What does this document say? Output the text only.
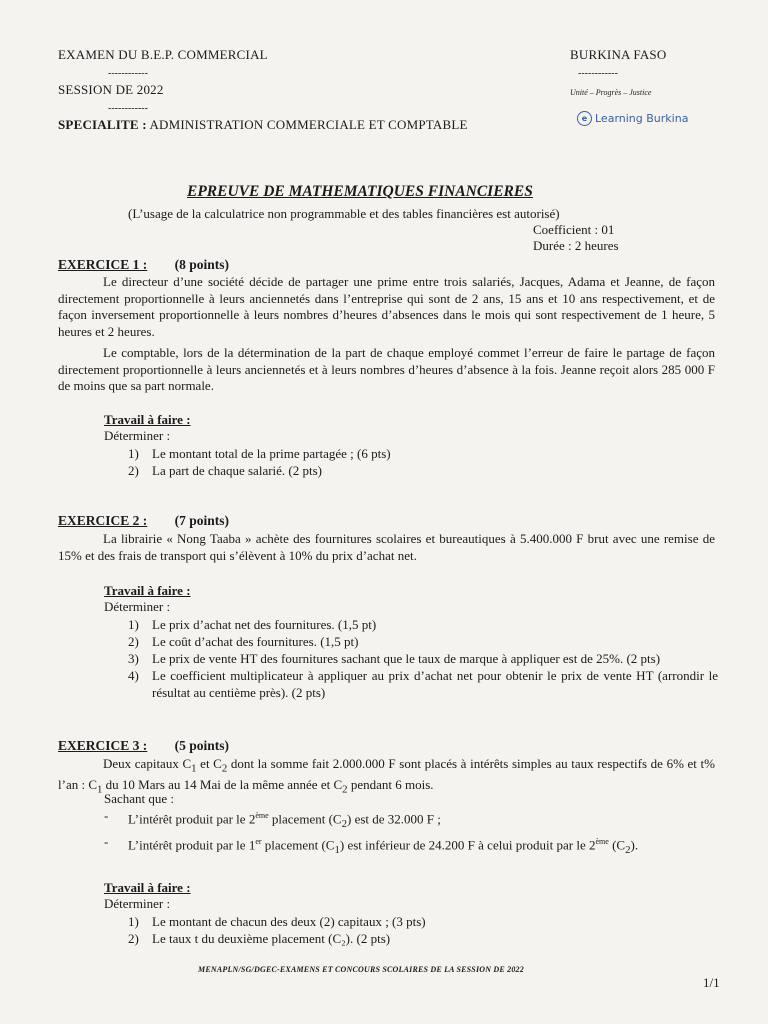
EXAMEN DU B.E.P. COMMERCIAL
------------
SESSION DE 2022
------------
SPECIALITE : ADMINISTRATION COMMERCIALE ET COMPTABLE
BURKINA FASO
------------
Unité – Progrès – Justice
e Learning Burkina
EPREUVE DE MATHEMATIQUES FINANCIERES
(L’usage de la calculatrice non programmable et des tables financières est autorisé)
Coefficient : 01
Durée : 2 heures
EXERCICE 1 : (8 points)
Le directeur d’une société décide de partager une prime entre trois salariés, Jacques, Adama et Jeanne, de façon directement proportionnelle à leurs anciennetés dans l’entreprise qui sont de 2 ans, 15 ans et 10 ans respectivement, et de façon inversement proportionnelle à leurs nombres d’heures d’absences dans le mois qui sont respectivement de 1 heure, 5 heures et 2 heures.
Le comptable, lors de la détermination de la part de chaque employé commet l’erreur de faire le partage de façon directement proportionnelle à leurs anciennetés et à leurs nombres d’heures d’absence à la fois. Jeanne reçoit alors 285 000 F de moins que sa part normale.
Travail à faire :
Déterminer :
1)	Le montant total de la prime partagée ; (6 pts)
2)	La part de chaque salarié. (2 pts)
EXERCICE 2 : (7 points)
La librairie « Nong Taaba » achète des fournitures scolaires et bureautiques à 5.400.000 F brut avec une remise de 15% et des frais de transport qui s’élèvent à 10% du prix d’achat net.
Travail à faire :
Déterminer :
1)	Le prix d’achat net des fournitures. (1,5 pt)
2)	Le coût d’achat des fournitures. (1,5 pt)
3)	Le prix de vente HT des fournitures sachant que le taux de marque à appliquer est de 25%. (2 pts)
4)	Le coefficient multiplicateur à appliquer au prix d’achat net pour obtenir le prix de vente HT (arrondir le résultat au centième près). (2 pts)
EXERCICE 3 : (5 points)
Deux capitaux $C_1$ et $C_2$ dont la somme fait 2.000.000 F sont placés à intérêts simples au taux respectifs de 6% et t% l’an : $C_1$ du 10 Mars au 14 Mai de la même année et $C_2$ pendant 6 mois.
Sachant que :
-	L’intérêt produit par le 2ème placement $(C_2)$ est de 32.000 F ;
-	L’intérêt produit par le 1er placement $(C_1)$ est inférieur de 24.200 F à celui produit par le 2ème $(C_2)$.
Travail à faire :
Déterminer :
1)	Le montant de chacun des deux (2) capitaux ; (3 pts)
2)	Le taux t du deuxième placement (C₂). (2 pts)
MENAPLN/SG/DGEC-EXAMENS ET CONCOURS SCOLAIRES DE LA SESSION DE 2022
1/1
